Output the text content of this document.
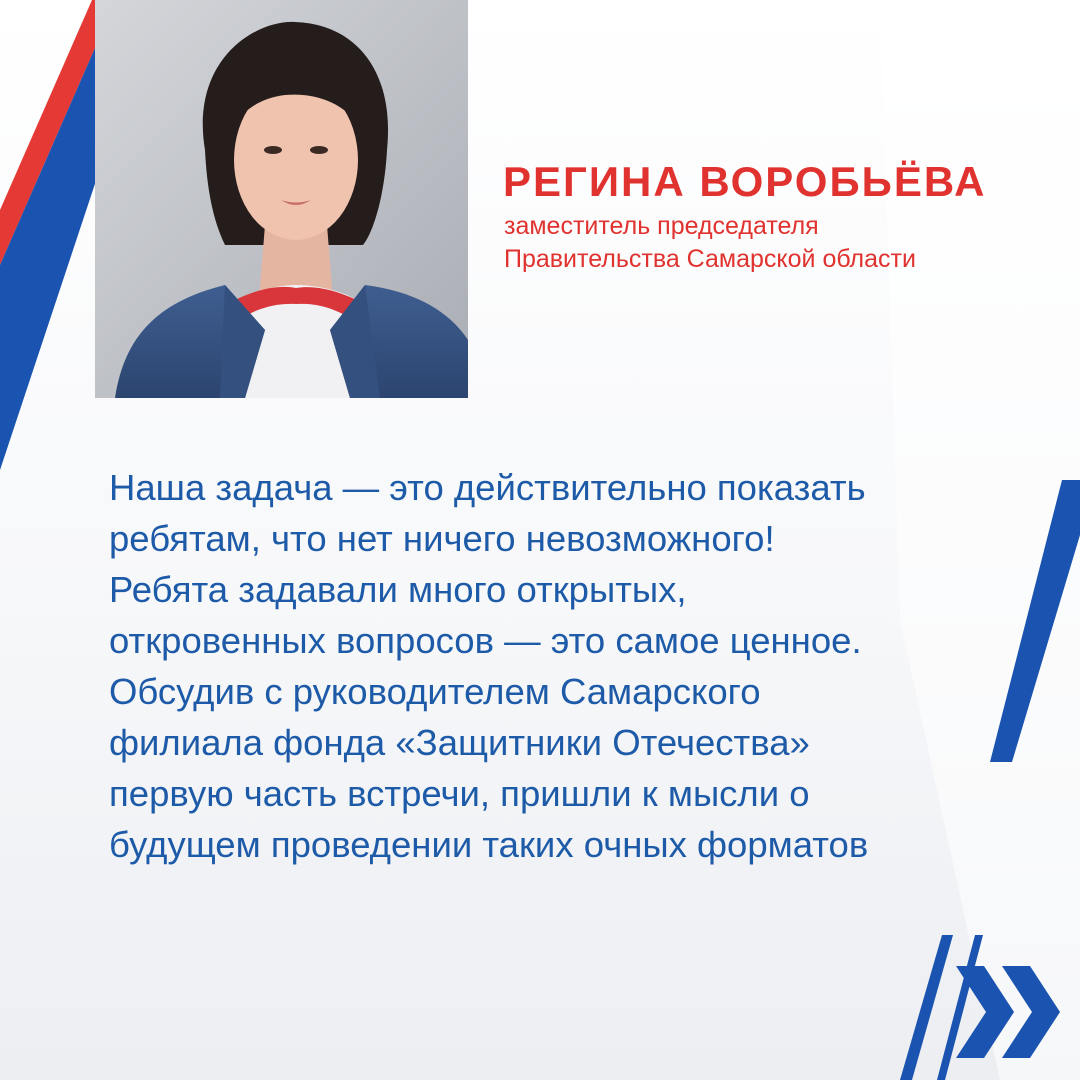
РЕГИНА ВОРОБЬЁВА

заместитель председателя
Правительства Самарской области

Наша задача — это действительно показать
ребятам, что нет ничего невозможного!
Ребята задавали много открытых,
откровенных вопросов — это самое ценное.
Обсудив с руководителем Самарского
филиала фонда «Защитники Отечества»
первую часть встречи, пришли к мысли о
будущем проведении таких очных форматов
